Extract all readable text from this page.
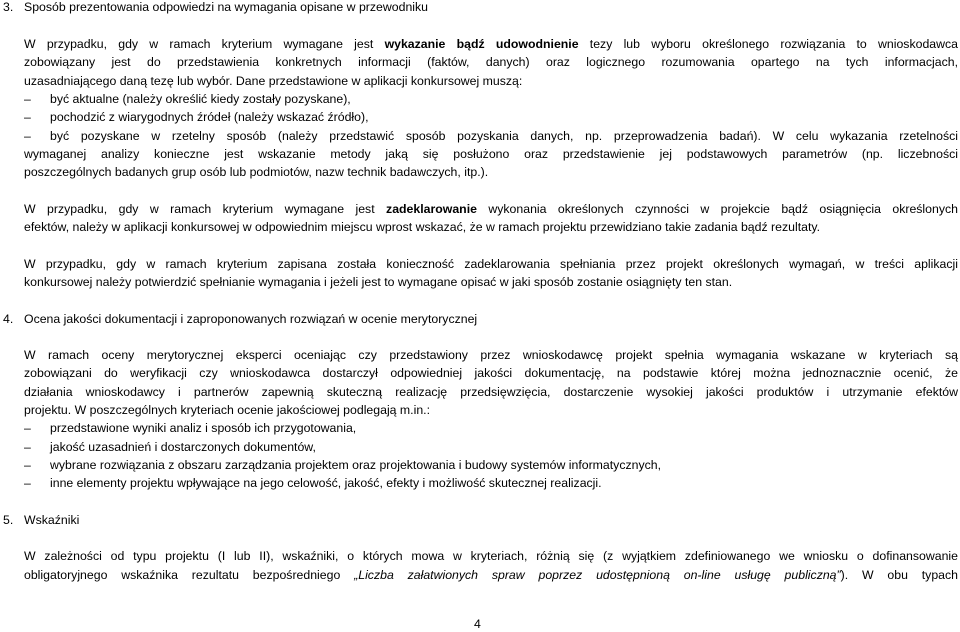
3. Sposób prezentowania odpowiedzi na wymagania opisane w przewodniku
W przypadku, gdy w ramach kryterium wymagane jest wykazanie bądź udowodnienie tezy lub wyboru określonego rozwiązania to wnioskodawca
zobowiązany jest do przedstawienia konkretnych informacji (faktów, danych) oraz logicznego rozumowania opartego na tych informacjach,
uzasadniającego daną tezę lub wybór. Dane przedstawione w aplikacji konkursowej muszą:
– być aktualne (należy określić kiedy zostały pozyskane),
– pochodzić z wiarygodnych źródeł (należy wskazać źródło),
– być pozyskane w rzetelny sposób (należy przedstawić sposób pozyskania danych, np. przeprowadzenia badań). W celu wykazania rzetelności
wymaganej analizy konieczne jest wskazanie metody jaką się posłużono oraz przedstawienie jej podstawowych parametrów (np. liczebności
poszczególnych badanych grup osób lub podmiotów, nazw technik badawczych, itp.).
W przypadku, gdy w ramach kryterium wymagane jest zadeklarowanie wykonania określonych czynności w projekcie bądź osiągnięcia określonych
efektów, należy w aplikacji konkursowej w odpowiednim miejscu wprost wskazać, że w ramach projektu przewidziano takie zadania bądź rezultaty.
W przypadku, gdy w ramach kryterium zapisana została konieczność zadeklarowania spełniania przez projekt określonych wymagań, w treści aplikacji
konkursowej należy potwierdzić spełnianie wymagania i jeżeli jest to wymagane opisać w jaki sposób zostanie osiągnięty ten stan.
4. Ocena jakości dokumentacji i zaproponowanych rozwiązań w ocenie merytorycznej
W ramach oceny merytorycznej eksperci oceniając czy przedstawiony przez wnioskodawcę projekt spełnia wymagania wskazane w kryteriach są
zobowiązani do weryfikacji czy wnioskodawca dostarczył odpowiedniej jakości dokumentację, na podstawie której można jednoznacznie ocenić, że
działania wnioskodawcy i partnerów zapewnią skuteczną realizację przedsięwzięcia, dostarczenie wysokiej jakości produktów i utrzymanie efektów
projektu. W poszczególnych kryteriach ocenie jakościowej podlegają m.in.:
– przedstawione wyniki analiz i sposób ich przygotowania,
– jakość uzasadnień i dostarczonych dokumentów,
– wybrane rozwiązania z obszaru zarządzania projektem oraz projektowania i budowy systemów informatycznych,
– inne elementy projektu wpływające na jego celowość, jakość, efekty i możliwość skutecznej realizacji.
5. Wskaźniki
W zależności od typu projektu (I lub II), wskaźniki, o których mowa w kryteriach, różnią się (z wyjątkiem zdefiniowanego we wniosku o dofinansowanie
obligatoryjnego wskaźnika rezultatu bezpośredniego „Liczba załatwionych spraw poprzez udostępnioną on-line usługę publiczną”). W obu typach
4
